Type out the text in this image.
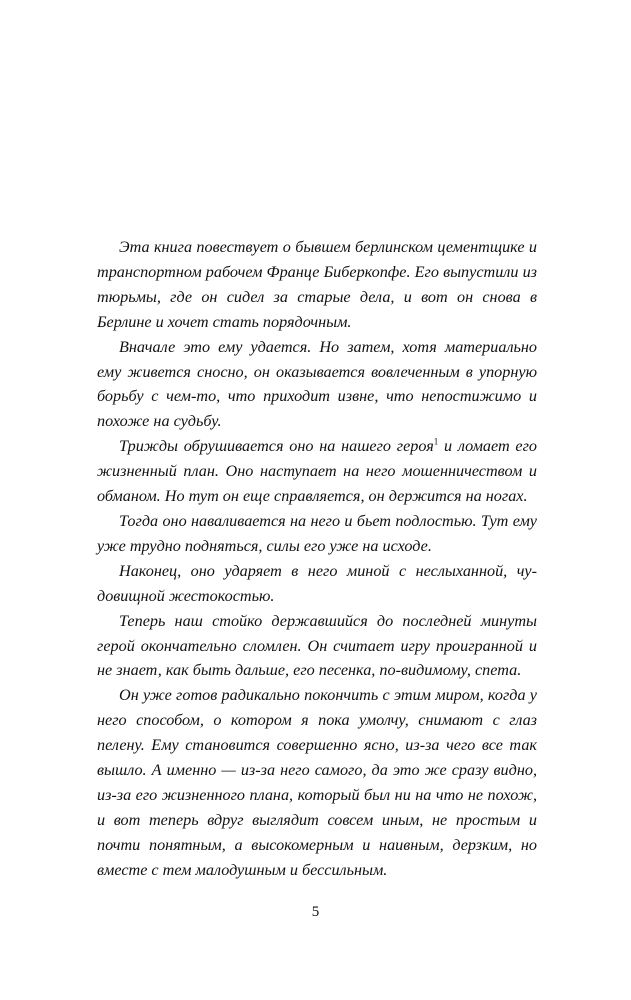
Эта книга повествует о бывшем берлинском цементщике и транспортном рабочем Франце Биберкопфе. Его выпустили из тюрьмы, где он сидел за старые дела, и вот он снова в Берлине и хочет стать порядочным.

Вначале это ему удается. Но затем, хотя материально ему живется сносно, он оказывается вовлеченным в упорную борьбу с чем-то, что приходит извне, что непостижимо и похоже на судьбу.

Трижды обрушивается оно на нашего героя$^1$ и ломает его жизненный план. Оно наступает на него мошенничеством и обманом. Но тут он еще справляется, он держится на ногах.

Тогда оно наваливается на него и бьет подлостью. Тут ему уже трудно подняться, силы его уже на исходе.

Наконец, оно ударяет в него миной с неслыханной, чудовищной жестокостью.

Теперь наш стойко державшийся до последней минуты герой окончательно сломлен. Он считает игру проигранной и не знает, как быть дальше, его песенка, по-видимому, спета.

Он уже готов радикально покончить с этим миром, когда у него способом, о котором я пока умолчу, снимают с глаз пелену. Ему становится совершенно ясно, из-за чего все так вышло. А именно — из-за него самого, да это же сразу видно, из-за его жизненного плана, который был ни на что не похож, и вот теперь вдруг выглядит совсем иным, не простым и почти понятным, а высокомерным и наивным, дерзким, но вместе с тем малодушным и бессильным.

5
